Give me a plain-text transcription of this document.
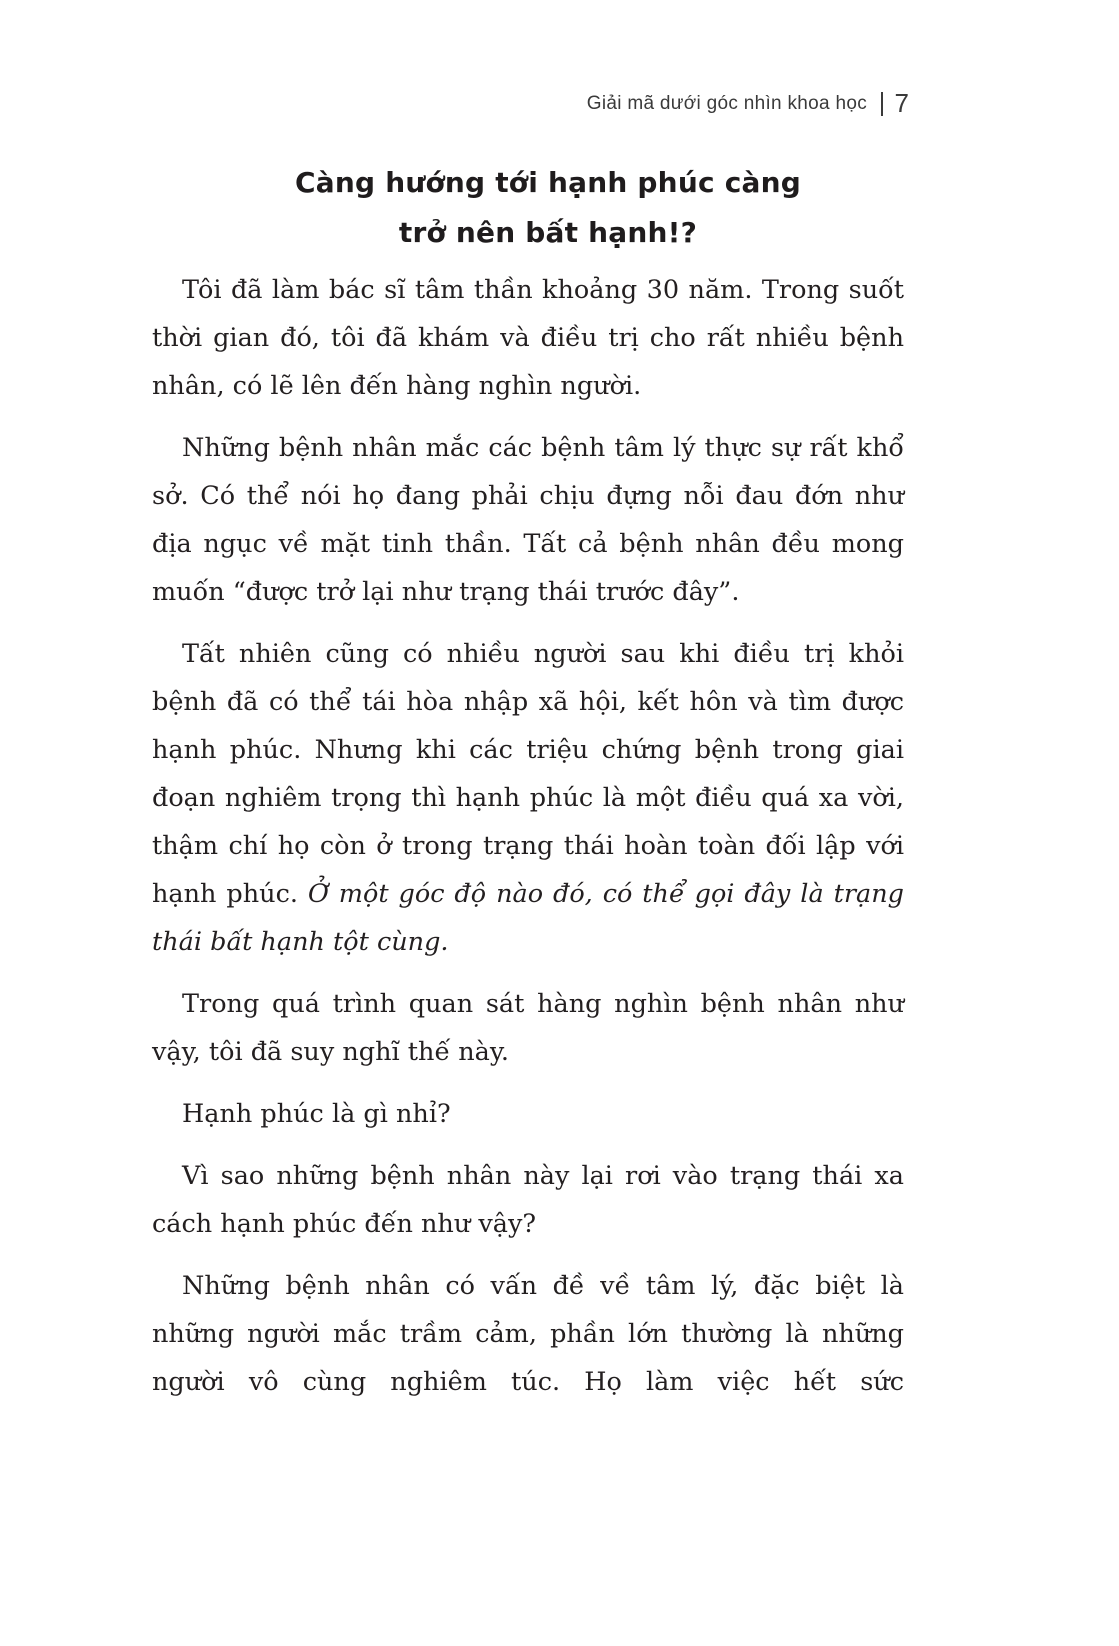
Giải mã dưới góc nhìn khoa học 7
Càng hướng tới hạnh phúc càng
trở nên bất hạnh!?

Tôi đã làm bác sĩ tâm thần khoảng 30 năm. Trong suốt thời gian đó, tôi đã khám và điều trị cho rất nhiều bệnh nhân, có lẽ lên đến hàng nghìn người.

Những bệnh nhân mắc các bệnh tâm lý thực sự rất khổ sở. Có thể nói họ đang phải chịu đựng nỗi đau đớn như địa ngục về mặt tinh thần. Tất cả bệnh nhân đều mong muốn “được trở lại như trạng thái trước đây”.

Tất nhiên cũng có nhiều người sau khi điều trị khỏi bệnh đã có thể tái hòa nhập xã hội, kết hôn và tìm được hạnh phúc. Nhưng khi các triệu chứng bệnh trong giai đoạn nghiêm trọng thì hạnh phúc là một điều quá xa vời, thậm chí họ còn ở trong trạng thái hoàn toàn đối lập với hạnh phúc. Ở một góc độ nào đó, có thể gọi đây là trạng thái bất hạnh tột cùng.

Trong quá trình quan sát hàng nghìn bệnh nhân như vậy, tôi đã suy nghĩ thế này.

Hạnh phúc là gì nhỉ?

Vì sao những bệnh nhân này lại rơi vào trạng thái xa cách hạnh phúc đến như vậy?

Những bệnh nhân có vấn đề về tâm lý, đặc biệt là những người mắc trầm cảm, phần lớn thường là những người vô cùng nghiêm túc. Họ làm việc hết sức
